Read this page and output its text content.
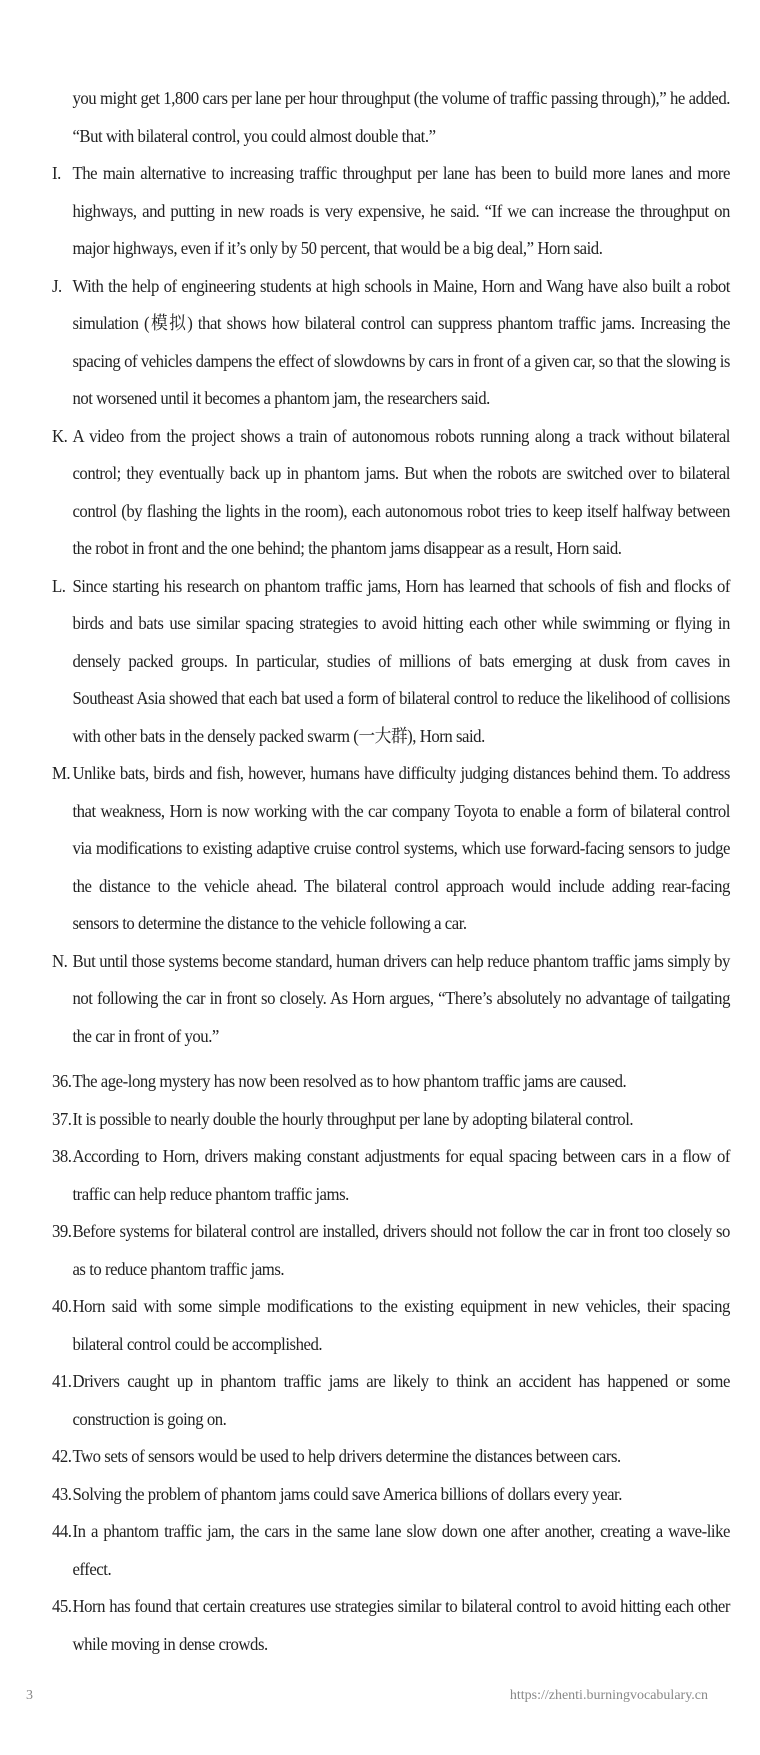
you might get 1,800 cars per lane per hour throughput (the volume of traffic passing through),” he added. “But with bilateral control, you could almost double that.”
I. The main alternative to increasing traffic throughput per lane has been to build more lanes and more highways, and putting in new roads is very expensive, he said. “If we can increase the throughput on major highways, even if it’s only by 50 percent, that would be a big deal,” Horn said.
J. With the help of engineering students at high schools in Maine, Horn and Wang have also built a robot simulation (模拟) that shows how bilateral control can suppress phantom traffic jams. Increasing the spacing of vehicles dampens the effect of slowdowns by cars in front of a given car, so that the slowing is not worsened until it becomes a phantom jam, the researchers said.
K. A video from the project shows a train of autonomous robots running along a track without bilateral control; they eventually back up in phantom jams. But when the robots are switched over to bilateral control (by flashing the lights in the room), each autonomous robot tries to keep itself halfway between the robot in front and the one behind; the phantom jams disappear as a result, Horn said.
L. Since starting his research on phantom traffic jams, Horn has learned that schools of fish and flocks of birds and bats use similar spacing strategies to avoid hitting each other while swimming or flying in densely packed groups. In particular, studies of millions of bats emerging at dusk from caves in Southeast Asia showed that each bat used a form of bilateral control to reduce the likelihood of collisions with other bats in the densely packed swarm (一大群), Horn said.
M. Unlike bats, birds and fish, however, humans have difficulty judging distances behind them. To address that weakness, Horn is now working with the car company Toyota to enable a form of bilateral control via modifications to existing adaptive cruise control systems, which use forward-facing sensors to judge the distance to the vehicle ahead. The bilateral control approach would include adding rear-facing sensors to determine the distance to the vehicle following a car.
N. But until those systems become standard, human drivers can help reduce phantom traffic jams simply by not following the car in front so closely. As Horn argues, “There’s absolutely no advantage of tailgating the car in front of you.”
36. The age-long mystery has now been resolved as to how phantom traffic jams are caused.
37. It is possible to nearly double the hourly throughput per lane by adopting bilateral control.
38. According to Horn, drivers making constant adjustments for equal spacing between cars in a flow of traffic can help reduce phantom traffic jams.
39. Before systems for bilateral control are installed, drivers should not follow the car in front too closely so as to reduce phantom traffic jams.
40. Horn said with some simple modifications to the existing equipment in new vehicles, their spacing bilateral control could be accomplished.
41. Drivers caught up in phantom traffic jams are likely to think an accident has happened or some construction is going on.
42. Two sets of sensors would be used to help drivers determine the distances between cars.
43. Solving the problem of phantom jams could save America billions of dollars every year.
44. In a phantom traffic jam, the cars in the same lane slow down one after another, creating a wave-like effect.
45. Horn has found that certain creatures use strategies similar to bilateral control to avoid hitting each other while moving in dense crowds.
3	https://zhenti.burningvocabulary.cn
